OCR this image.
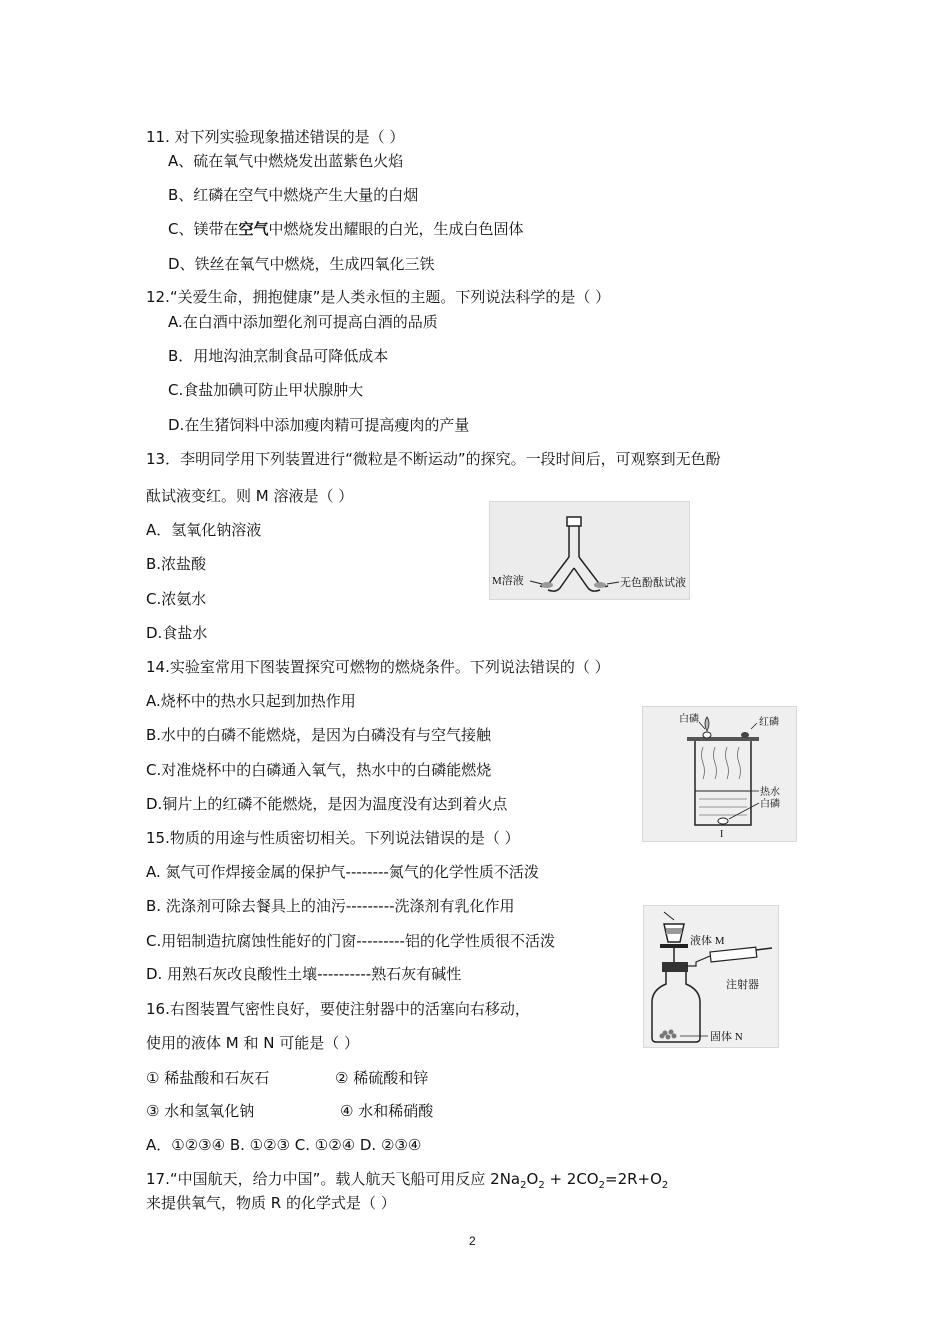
11. 对下列实验现象描述错误的是（ ）
A、硫在氧气中燃烧发出蓝紫色火焰
B、红磷在空气中燃烧产生大量的白烟
C、镁带在空气中燃烧发出耀眼的白光，生成白色固体
D、铁丝在氧气中燃烧，生成四氧化三铁
12.“关爱生命，拥抱健康”是人类永恒的主题。下列说法科学的是（ ）
A.在白酒中添加塑化剂可提高白酒的品质
B．用地沟油烹制食品可降低成本
C.食盐加碘可防止甲状腺肿大
D.在生猪饲料中添加瘦肉精可提高瘦肉的产量
13．李明同学用下列装置进行“微粒是不断运动”的探究。一段时间后，可观察到无色酚
酞试液变红。则 M 溶液是（ ）
A．氢氧化钠溶液
B.浓盐酸
C.浓氨水
D.食盐水
M溶液	无色酚酞试液
14.实验室常用下图装置探究可燃物的燃烧条件。下列说法错误的（ ）
A.烧杯中的热水只起到加热作用
B.水中的白磷不能燃烧，是因为白磷没有与空气接触
C.对准烧杯中的白磷通入氧气，热水中的白磷能燃烧
D.铜片上的红磷不能燃烧，是因为温度没有达到着火点
白磷	红磷
热水
白磷
I
15.物质的用途与性质密切相关。下列说法错误的是（ ）
A. 氮气可作焊接金属的保护气--------氮气的化学性质不活泼
B. 洗涤剂可除去餐具上的油污---------洗涤剂有乳化作用
C.用铝制造抗腐蚀性能好的门窗---------铝的化学性质很不活泼
D. 用熟石灰改良酸性土壤----------熟石灰有碱性
液体 M
注射器
固体 N
16.右图装置气密性良好，要使注射器中的活塞向右移动，
使用的液体 M 和 N 可能是（ ）
① 稀盐酸和石灰石	② 稀硫酸和锌
③ 水和氢氧化钠	④ 水和稀硝酸
A．①②③④ B. ①②③ C. ①②④ D. ②③④
17.“中国航天，给力中国”。载人航天飞船可用反应 $2Na_2O_2 + 2CO_2=2R+O_2$
来提供氧气，物质 R 的化学式是（ ）
2
